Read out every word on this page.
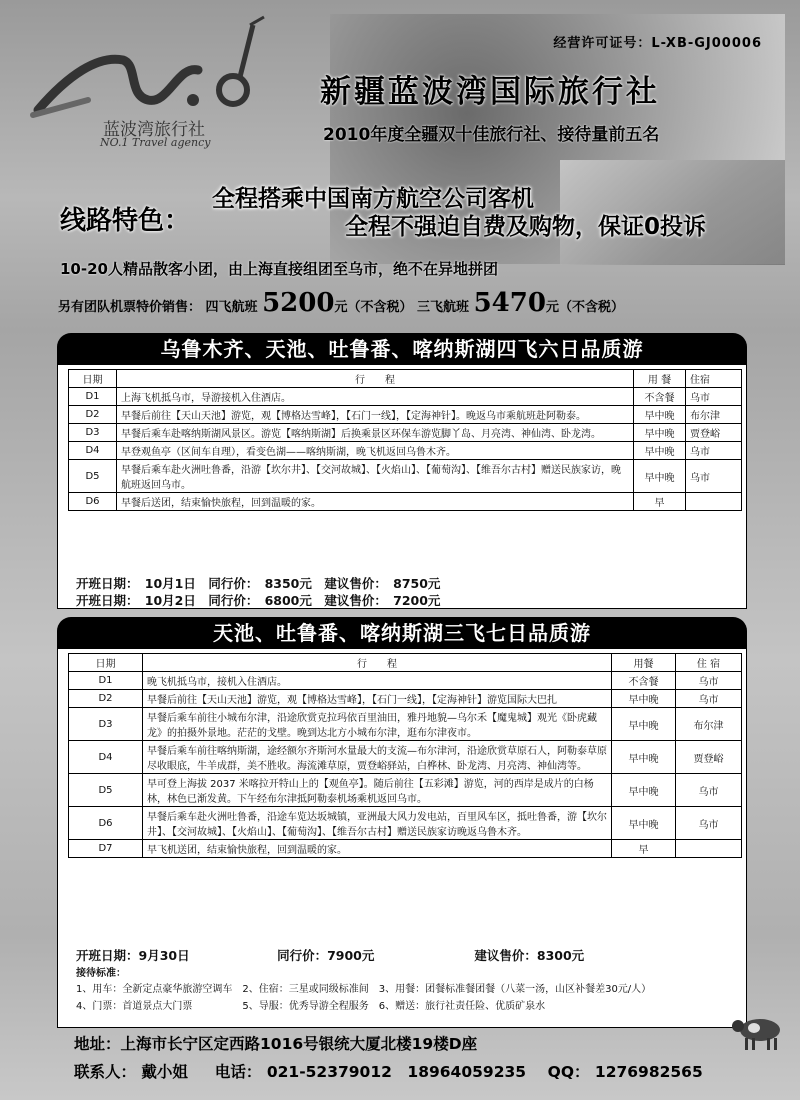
经营许可证号：L-XB-GJ00006
蓝波湾旅行社
NO.1 Travel agency
新疆蓝波湾国际旅行社
2010年度全疆双十佳旅行社、接待量前五名
线路特色：
全程搭乘中国南方航空公司客机
全程不强迫自费及购物，保证0投诉
10-20人精品散客小团，由上海直接组团至乌市，绝不在异地拼团
另有团队机票特价销售： 四飞航班 5200元（不含税） 三飞航班 5470元（不含税）
乌鲁木齐、天池、吐鲁番、喀纳斯湖四飞六日品质游
日期	行　　程	用 餐	住宿
D1	上海飞机抵乌市，导游接机入住酒店。	不含餐	乌市
D2	早餐后前往【天山天池】游览，观【博格达雪峰】，【石门一线】，【定海神针】。晚返乌市乘航班赴阿勒泰。	早中晚	布尔津
D3	早餐后乘车赴喀纳斯湖风景区。游览【喀纳斯湖】后换乘景区环保车游览脚丫岛、月亮湾、神仙湾、卧龙湾。	早中晚	贾登峪
D4	早登观鱼亭（区间车自理），看变色湖——喀纳斯湖，晚飞机返回乌鲁木齐。	早中晚	乌市
D5	早餐后乘车赴火洲吐鲁番，沿游【坎尔井】、【交河故城】、【火焰山】、【葡萄沟】、【维吾尔古村】赠送民族家访，晚航班返回乌市。	早中晚	乌市
D6	早餐后送团，结束愉快旅程，回到温暖的家。	早	
开班日期：　10月1日　同行价：　8350元　建议售价：　8750元
开班日期：　10月2日　同行价：　6800元　建议售价：　7200元
天池、吐鲁番、喀纳斯湖三飞七日品质游
日期	行　　程	用餐	住 宿
D1	晚飞机抵乌市，接机入住酒店。	不含餐	乌市
D2	早餐后前往【天山天池】游览，观【博格达雪峰】，【石门一线】，【定海神针】游览国际大巴扎	早中晚	乌市
D3	早餐后乘车前往小城布尔津，沿途欣赏克拉玛依百里油田，雅丹地貌—乌尔禾【魔鬼城】观光《卧虎藏龙》的拍摄外景地。茫茫的戈壁。晚到达北方小城布尔津，逛布尔津夜市。	早中晚	布尔津
D4	早餐后乘车前往喀纳斯湖，途经额尔齐斯河水量最大的支流—布尔津河，沿途欣赏草原石人，阿勒泰草原尽收眼底，牛羊成群，美不胜收。海流滩草原，贾登峪驿站，白桦林、卧龙湾、月亮湾、神仙湾等。	早中晚	贾登峪
D5	早可登上海拔 2037 米喀拉开特山上的【观鱼亭】。随后前往【五彩滩】游览，河的西岸是成片的白杨林，林色已渐发黄。下午经布尔津抵阿勒泰机场乘机返回乌市。	早中晚	乌市
D6	早餐后乘车赴火洲吐鲁番，沿途车览达坂城镇，亚洲最大风力发电站，百里风车区，抵吐鲁番，游【坎尔井】、【交河故城】、【火焰山】、【葡萄沟】、【维吾尔古村】赠送民族家访晚返乌鲁木齐。	早中晚	乌市
D7	早飞机送团，结束愉快旅程，回到温暖的家。	早	
开班日期：9月30日　　　　　　　同行价：7900元　　　　　　　　建议售价：8300元
接待标准：
1、用车：全新定点豪华旅游空调车　2、住宿：三星或同级标准间　3、用餐：团餐标准餐团餐（八菜一汤，山区补餐差30元/人）
4、门票：首道景点大门票　　　　　5、导服：优秀导游全程服务　6、赠送：旅行社责任险、优质矿泉水
地址：上海市长宁区定西路1016号银统大厦北楼19楼D座
联系人： 戴小姐 电话： 021-52379012　18964059235 QQ： 1276982565
